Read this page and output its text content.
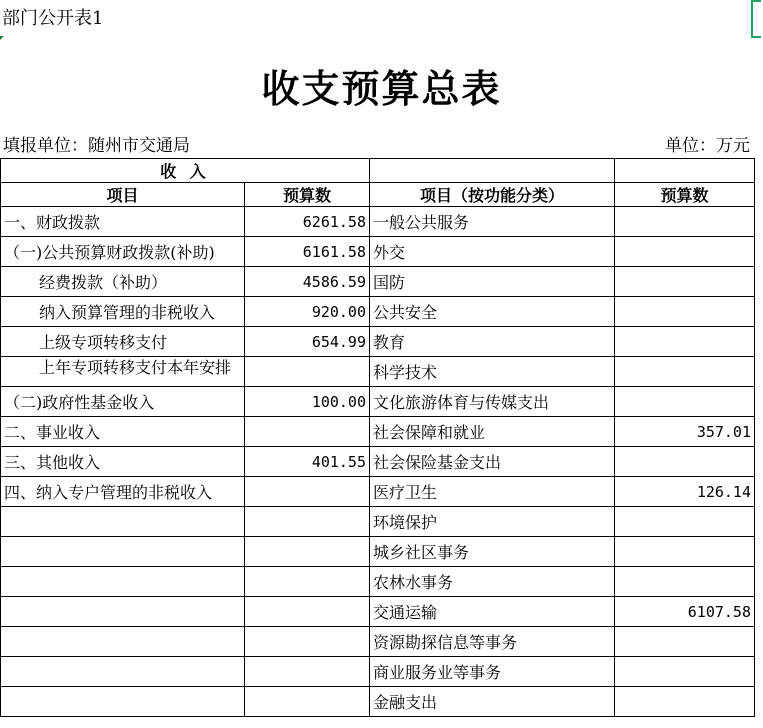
部门公开表1
收支预算总表
填报单位：随州市交通局	单位：万元
收 入			
项目	预算数	项目（按功能分类）	预算数
一、财政拨款	6261.58	一般公共服务	
（一)公共预算财政拨款(补助)	6161.58	外交	
经费拨款（补助）	4586.59	国防	
纳入预算管理的非税收入	920.00	公共安全	
上级专项转移支付	654.99	教育	
上年专项转移支付本年安排		科学技术	
（二)政府性基金收入	100.00	文化旅游体育与传媒支出	
二、事业收入		社会保障和就业	357.01
三、其他收入	401.55	社会保险基金支出	
四、纳入专户管理的非税收入		医疗卫生	126.14
		环境保护	
		城乡社区事务	
		农林水事务	
		交通运输	6107.58
		资源勘探信息等事务	
		商业服务业等事务	
		金融支出	
